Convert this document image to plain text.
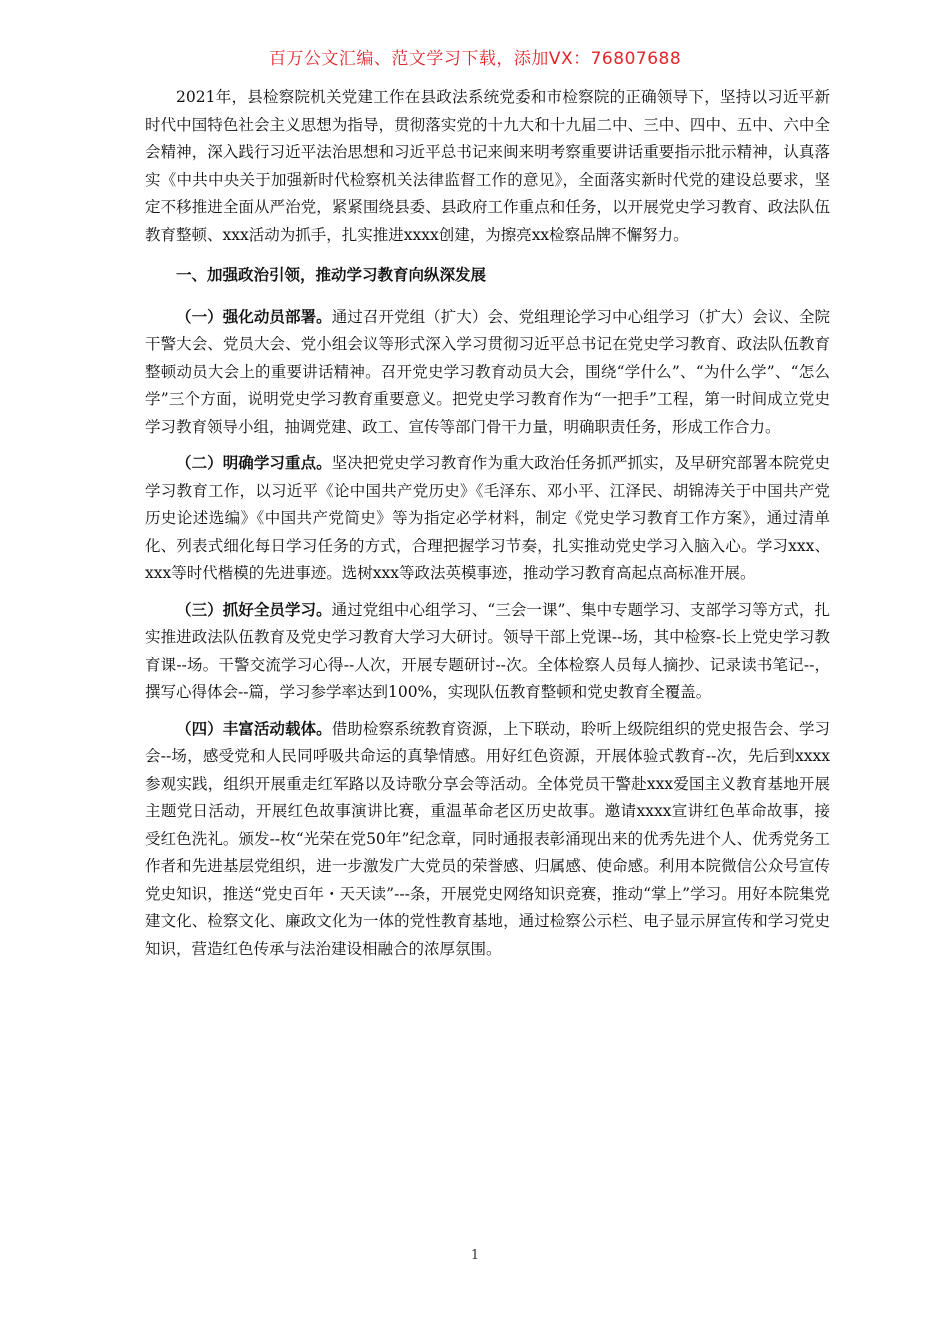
百万公文汇编、范文学习下载，添加VX：76807688

2021年，县检察院机关党建工作在县政法系统党委和市检察院的正确领导下，坚持以习近平新时代中国特色社会主义思想为指导，贯彻落实党的十九大和十九届二中、三中、四中、五中、六中全会精神，深入践行习近平法治思想和习近平总书记来闽来明考察重要讲话重要指示批示精神，认真落实《中共中央关于加强新时代检察机关法律监督工作的意见》，全面落实新时代党的建设总要求，坚定不移推进全面从严治党，紧紧围绕县委、县政府工作重点和任务，以开展党史学习教育、政法队伍教育整顿、xxx活动为抓手，扎实推进xxxx创建，为擦亮xx检察品牌不懈努力。

一、加强政治引领，推动学习教育向纵深发展

（一）强化动员部署。通过召开党组（扩大）会、党组理论学习中心组学习（扩大）会议、全院干警大会、党员大会、党小组会议等形式深入学习贯彻习近平总书记在党史学习教育、政法队伍教育整顿动员大会上的重要讲话精神。召开党史学习教育动员大会，围绕“学什么”、“为什么学”、“怎么学”三个方面，说明党史学习教育重要意义。把党史学习教育作为“一把手”工程，第一时间成立党史学习教育领导小组，抽调党建、政工、宣传等部门骨干力量，明确职责任务，形成工作合力。

（二）明确学习重点。坚决把党史学习教育作为重大政治任务抓严抓实，及早研究部署本院党史学习教育工作，以习近平《论中国共产党历史》《毛泽东、邓小平、江泽民、胡锦涛关于中国共产党历史论述选编》《中国共产党简史》等为指定必学材料，制定《党史学习教育工作方案》，通过清单化、列表式细化每日学习任务的方式，合理把握学习节奏，扎实推动党史学习入脑入心。学习xxx、xxx等时代楷模的先进事迹。选树xxx等政法英模事迹，推动学习教育高起点高标准开展。

（三）抓好全员学习。通过党组中心组学习、“三会一课”、集中专题学习、支部学习等方式，扎实推进政法队伍教育及党史学习教育大学习大研讨。领导干部上党课--场，其中检察-长上党史学习教育课--场。干警交流学习心得--人次，开展专题研讨--次。全体检察人员每人摘抄、记录读书笔记--，撰写心得体会--篇，学习参学率达到100%，实现队伍教育整顿和党史教育全覆盖。

（四）丰富活动载体。借助检察系统教育资源，上下联动，聆听上级院组织的党史报告会、学习会--场，感受党和人民同呼吸共命运的真挚情感。用好红色资源，开展体验式教育--次，先后到xxxx参观实践，组织开展重走红军路以及诗歌分享会等活动。全体党员干警赴xxx爱国主义教育基地开展主题党日活动，开展红色故事演讲比赛，重温革命老区历史故事。邀请xxxx宣讲红色革命故事，接受红色洗礼。颁发--枚“光荣在党50年”纪念章，同时通报表彰涌现出来的优秀先进个人、优秀党务工作者和先进基层党组织，进一步激发广大党员的荣誉感、归属感、使命感。利用本院微信公众号宣传党史知识，推送“党史百年・天天读”---条，开展党史网络知识竞赛，推动“掌上”学习。用好本院集党建文化、检察文化、廉政文化为一体的党性教育基地，通过检察公示栏、电子显示屏宣传和学习党史知识，营造红色传承与法治建设相融合的浓厚氛围。

1
